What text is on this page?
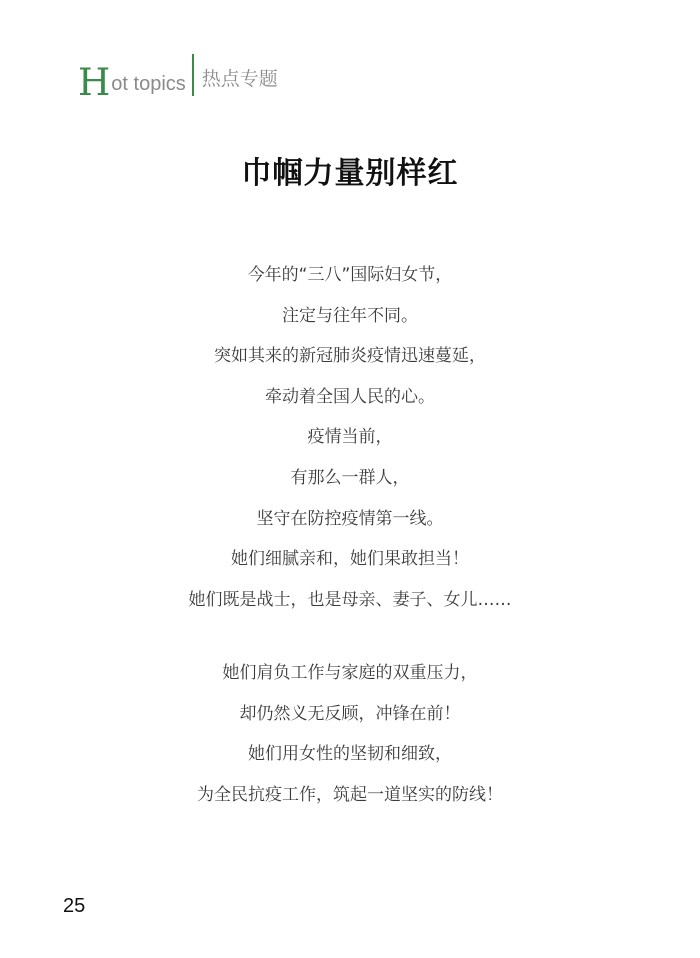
H ot topics 热点专题
巾帼力量别样红
今年的“三八”国际妇女节，
注定与往年不同。
突如其来的新冠肺炎疫情迅速蔓延，
牵动着全国人民的心。
疫情当前，
有那么一群人，
坚守在防控疫情第一线。
她们细腻亲和，她们果敢担当！
她们既是战士，也是母亲、妻子、女儿……
她们肩负工作与家庭的双重压力，
却仍然义无反顾，冲锋在前！
她们用女性的坚韧和细致，
为全民抗疫工作，筑起一道坚实的防线！
25
